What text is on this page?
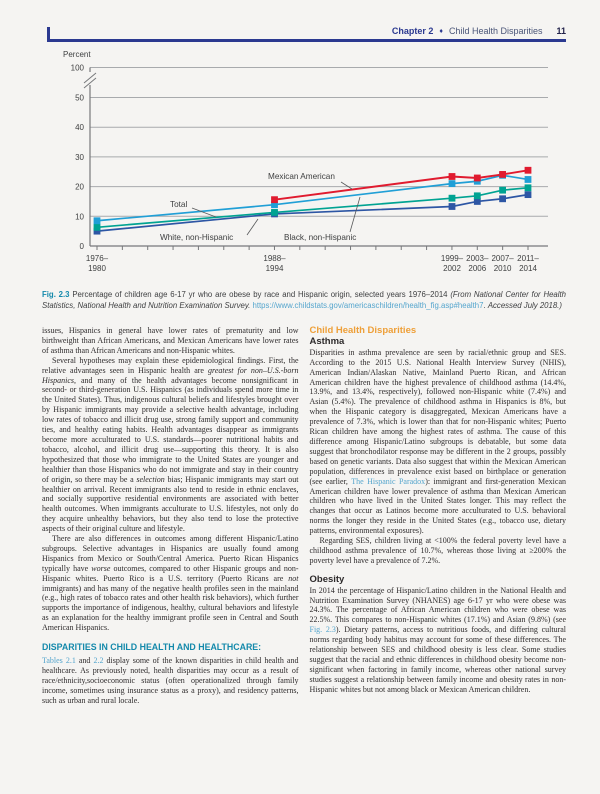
Chapter 2 ♦ Child Health Disparities 11
0
10
20
30
40
50
100
Percent
1976–
1980
1988–
1994
1999–
2002
2003–
2006
2007–
2010
2011–
2014
Mexican American
Total
White, non-Hispanic	Black, non-Hispanic
Fig. 2.3 Percentage of children age 6-17 yr who are obese by race and Hispanic origin, selected years 1976–2014 (From National Center for Health Statistics, National Health and Nutrition Examination Survey. https://www.childstats.gov/americaschildren/health_fig.asp#health7. Accessed July 2018.)

issues, Hispanics in general have lower rates of prematurity and low birthweight than African Americans, and Mexican Americans have lower rates of asthma than African Americans and non-Hispanic whites.

Several hypotheses may explain these epidemiological findings. First, the relative advantages seen in Hispanic health are greatest for non–U.S.-born Hispanics, and many of the health advantages become nonsignificant in second- or third-generation U.S. Hispanics (as individuals spend more time in the United States). Thus, indigenous cultural beliefs and lifestyles brought over by Hispanic immigrants may provide a selective health advantage, including low rates of tobacco and illicit drug use, strong family support and community ties, and healthy eating habits. Health advantages disappear as immigrants become more acculturated to U.S. standards—poorer nutritional habits and tobacco, alcohol, and illicit drug use—supporting this theory. It is also hypothesized that those who immigrate to the United States are younger and healthier than those Hispanics who do not immigrate and stay in their country of origin, so there may be a selection bias; Hispanic immigrants may start out healthier on arrival. Recent immigrants also tend to reside in ethnic enclaves, and socially supportive residential environments are associated with better health outcomes. When immigrants acculturate to U.S. lifestyles, not only do they acquire unhealthy behaviors, but they also tend to lose the protective aspects of their original culture and lifestyle.

There are also differences in outcomes among different Hispanic/Latino subgroups. Selective advantages in Hispanics are usually found among Hispanics from Mexico or South/Central America. Puerto Rican Hispanics typically have worse outcomes, compared to other Hispanic groups and non-Hispanic whites. Puerto Rico is a U.S. territory (Puerto Ricans are not immigrants) and has many of the negative health profiles seen in the mainland (e.g., high rates of tobacco rates and other health risk behaviors), which further supports the importance of indigenous, healthy, cultural behaviors and lifestyle as an explanation for the healthy immigrant profile seen in Central and South American Hispanics.

DISPARITIES IN CHILD HEALTH AND HEALTHCARE:

Tables 2.1 and 2.2 display some of the known disparities in child health and healthcare. As previously noted, health disparities may occur as a result of race/ethnicity,socioeconomic status (often operationalized through family income, sometimes using insurance status as a proxy), and residency patterns, such as urban and rural locale.

Child Health Disparities
Asthma

Disparities in asthma prevalence are seen by racial/ethnic group and SES. According to the 2015 U.S. National Health Interview Survey (NHIS), American Indian/Alaskan Native, Mainland Puerto Rican, and African American children have the highest prevalence of childhood asthma (14.4%, 13.9%, and 13.4%, respectively), followed non-Hispanic white (7.4%) and Asian (5.4%). The prevalence of childhood asthma in Hispanics is 8%, but when the Hispanic category is disaggregated, Mexican Americans have a prevalence of 7.3%, which is lower than that for non-Hispanic whites; Puerto Rican children have among the highest rates of asthma. The cause of this difference among Hispanic/Latino subgroups is debatable, but some data suggest that bronchodilator response may be different in the 2 groups, possibly based on genetic variants. Data also suggest that within the Mexican American population, differences in prevalence exist based on birthplace or generation (see earlier, The Hispanic Paradox): immigrant and first-generation Mexican American children have lower prevalence of asthma than Mexican American children who have lived in the United States longer. This may reflect the changes that occur as Latinos become more acculturated to U.S. behavioral norms the longer they reside in the United States (e.g., tobacco use, dietary patterns, environmental exposures).

Regarding SES, children living at <100% the federal poverty level have a childhood asthma prevalence of 10.7%, whereas those living at ≥200% the poverty level have a prevalence of 7.2%.

Obesity

In 2014 the percentage of Hispanic/Latino children in the National Health and Nutrition Examination Survey (NHANES) age 6-17 yr who were obese was 24.3%. The percentage of African American children who were obese was 22.5%. This compares to non-Hispanic whites (17.1%) and Asian (9.8%) (see Fig. 2.3). Dietary patterns, access to nutritious foods, and differing cultural norms regarding body habitus may account for some of these differences. The relationship between SES and childhood obesity is less clear. Some studies suggest that the racial and ethnic differences in childhood obesity become non-significant when factoring in family income, whereas other national survey studies suggest a relationship between family income and obesity rates in non-Hispanic whites but not among black or Mexican American children.
